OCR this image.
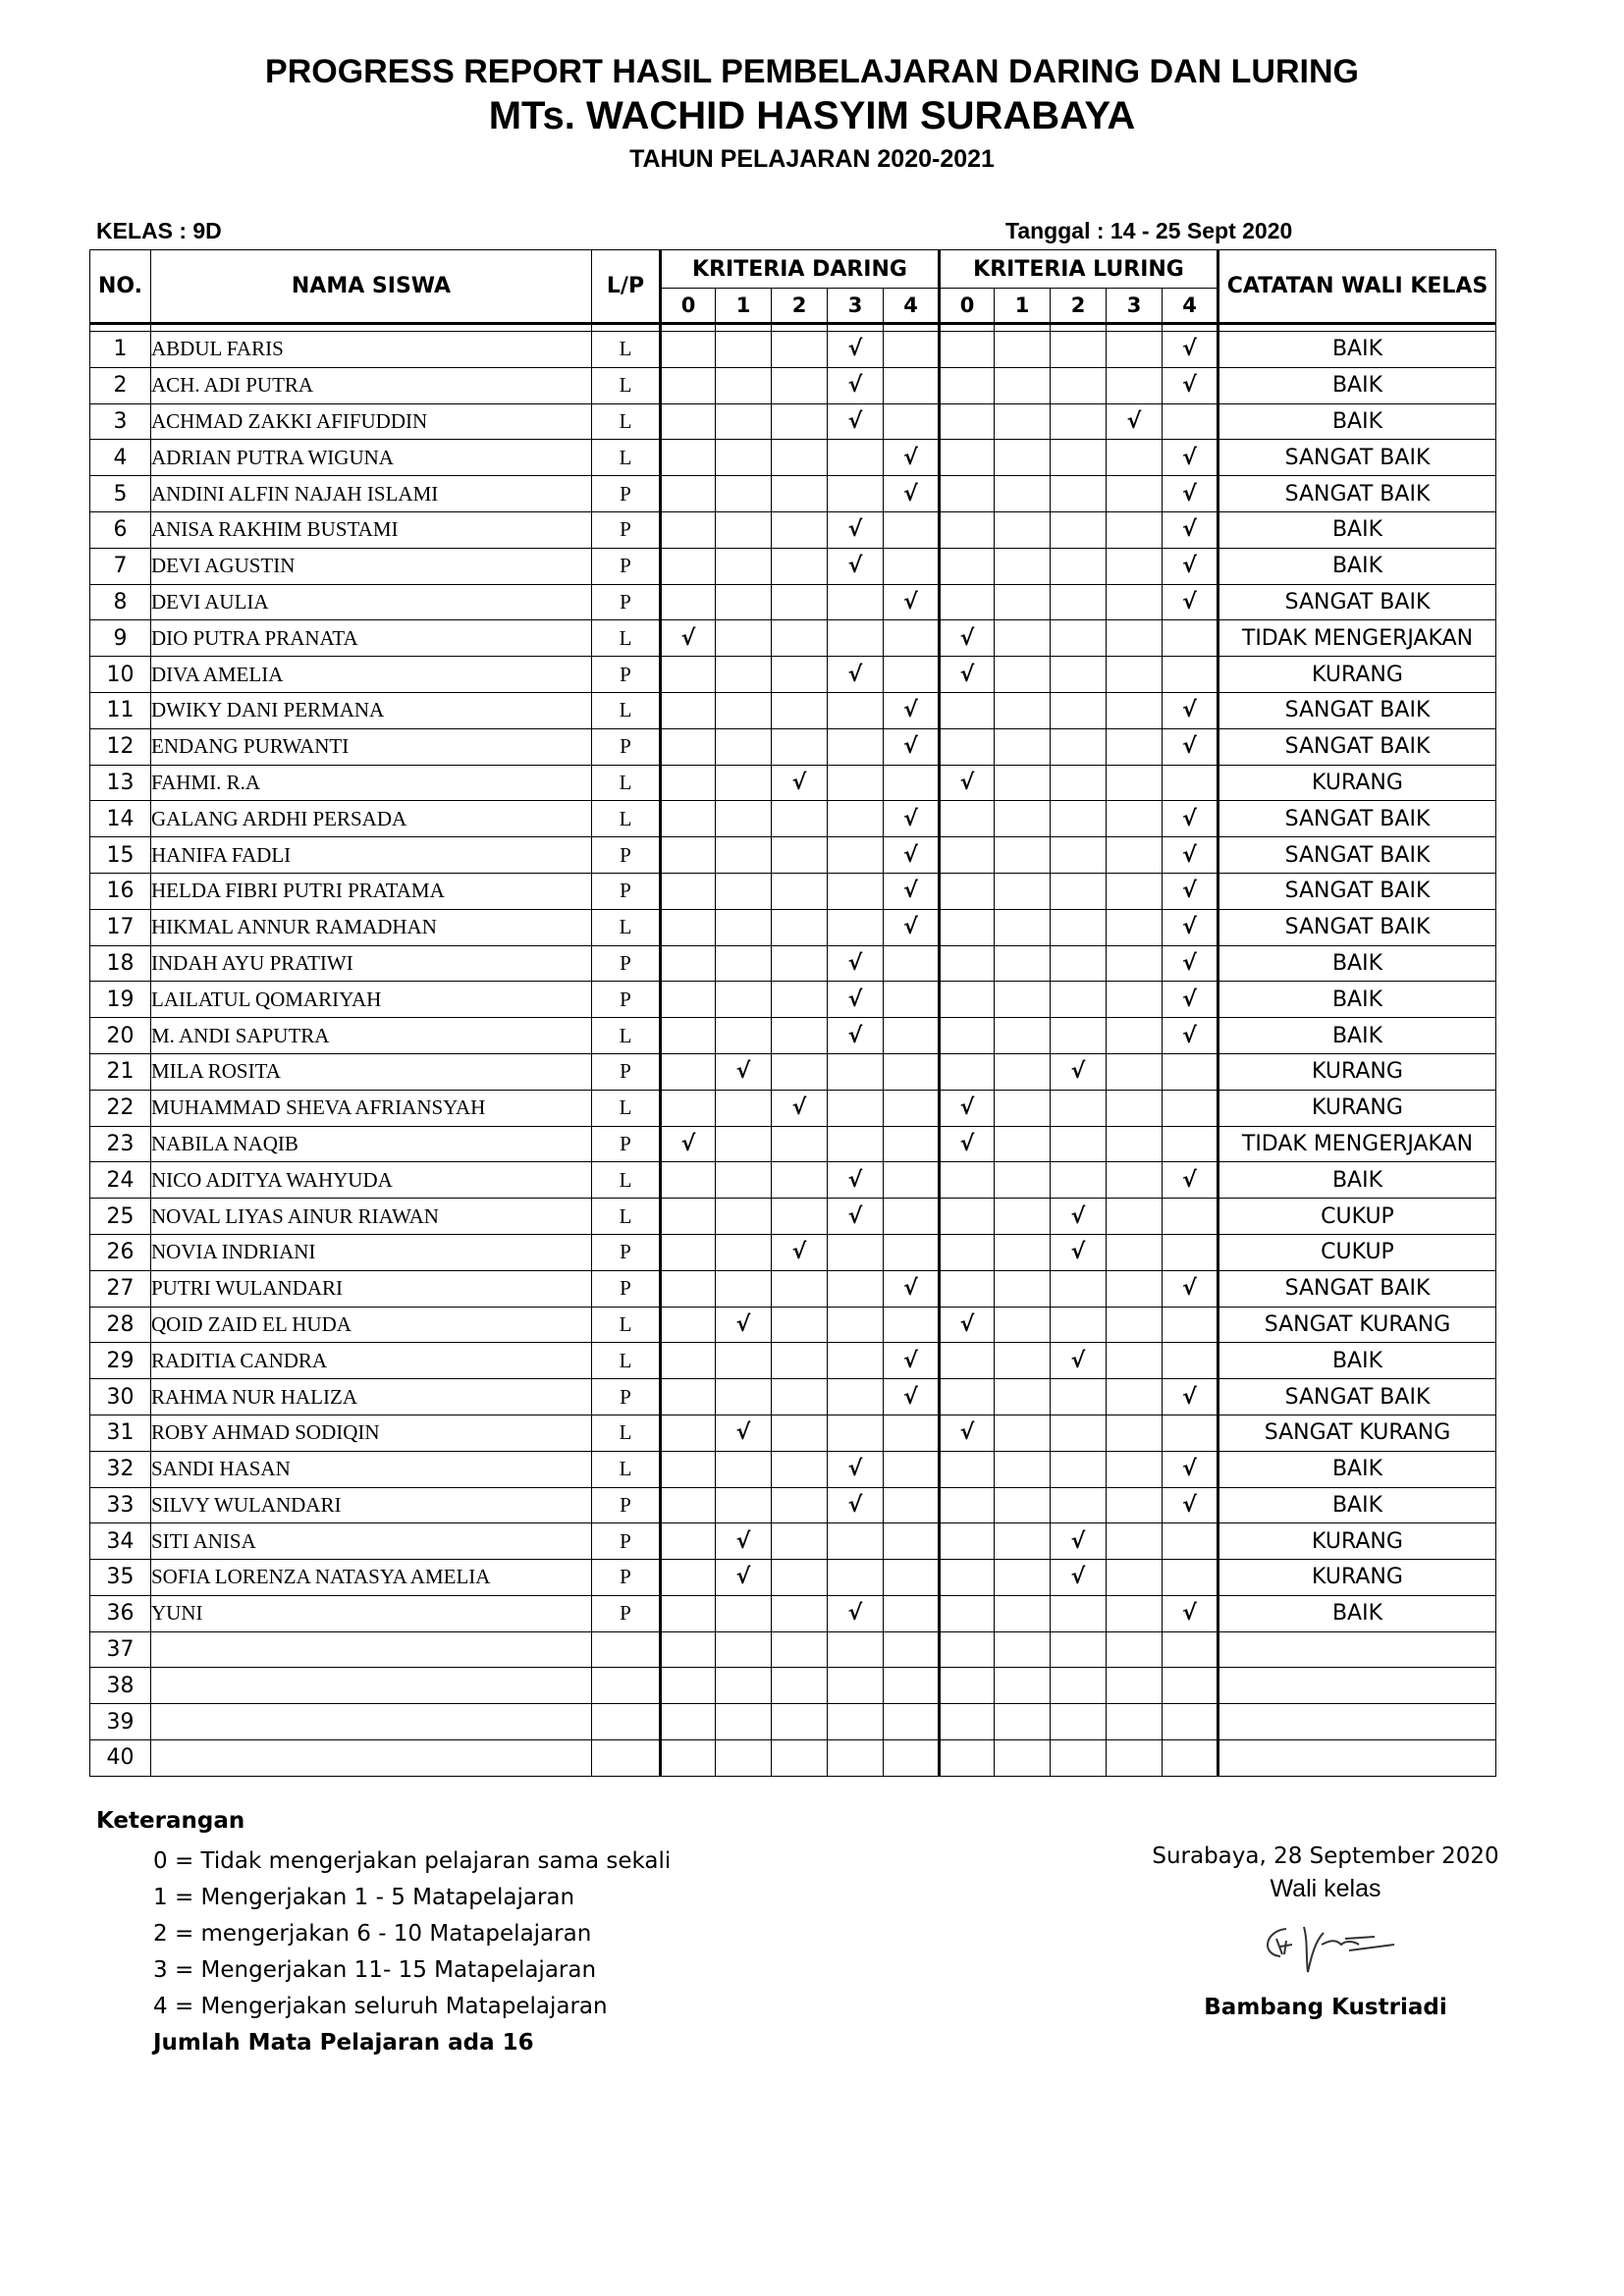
PROGRESS REPORT HASIL PEMBELAJARAN DARING DAN LURING
MTs. WACHID HASYIM SURABAYA
TAHUN PELAJARAN 2020-2021
KELAS : 9D	Tanggal : 14 - 25 Sept 2020
NO.	NAMA SISWA	L/P	KRITERIA DARING					KRITERIA LURING					CATATAN WALI KELAS
			0	1	2	3	4	0	1	2	3	4	

1	ABDUL FARIS	L				√						√	BAIK
2	ACH. ADI PUTRA	L				√						√	BAIK
3	ACHMAD ZAKKI AFIFUDDIN	L				√					√		BAIK
4	ADRIAN PUTRA WIGUNA	L					√					√	SANGAT BAIK
5	ANDINI ALFIN NAJAH ISLAMI	P					√					√	SANGAT BAIK
6	ANISA RAKHIM BUSTAMI	P				√						√	BAIK
7	DEVI AGUSTIN	P				√						√	BAIK
8	DEVI AULIA	P					√					√	SANGAT BAIK
9	DIO PUTRA PRANATA	L	√					√					TIDAK MENGERJAKAN
10	DIVA AMELIA	P				√		√					KURANG
11	DWIKY DANI PERMANA	L					√					√	SANGAT BAIK
12	ENDANG PURWANTI	P					√					√	SANGAT BAIK
13	FAHMI. R.A	L			√			√					KURANG
14	GALANG ARDHI PERSADA	L					√					√	SANGAT BAIK
15	HANIFA FADLI	P					√					√	SANGAT BAIK
16	HELDA FIBRI PUTRI PRATAMA	P					√					√	SANGAT BAIK
17	HIKMAL ANNUR RAMADHAN	L					√					√	SANGAT BAIK
18	INDAH AYU PRATIWI	P				√						√	BAIK
19	LAILATUL QOMARIYAH	P				√						√	BAIK
20	M. ANDI SAPUTRA	L				√						√	BAIK
21	MILA ROSITA	P		√						√			KURANG
22	MUHAMMAD SHEVA AFRIANSYAH	L			√			√					KURANG
23	NABILA NAQIB	P	√					√					TIDAK MENGERJAKAN
24	NICO ADITYA WAHYUDA	L				√						√	BAIK
25	NOVAL LIYAS AINUR RIAWAN	L				√				√			CUKUP
26	NOVIA INDRIANI	P			√					√			CUKUP
27	PUTRI WULANDARI	P					√					√	SANGAT BAIK
28	QOID ZAID EL HUDA	L		√				√					SANGAT KURANG
29	RADITIA CANDRA	L					√			√			BAIK
30	RAHMA NUR HALIZA	P					√					√	SANGAT BAIK
31	ROBY AHMAD SODIQIN	L		√				√					SANGAT KURANG
32	SANDI HASAN	L				√						√	BAIK
33	SILVY WULANDARI	P				√						√	BAIK
34	SITI ANISA	P		√						√			KURANG
35	SOFIA LORENZA NATASYA AMELIA	P		√						√			KURANG
36	YUNI	P				√						√	BAIK
37													
38													
39													
40													
Keterangan
0 = Tidak mengerjakan pelajaran sama sekali
1 = Mengerjakan 1 - 5 Matapelajaran
2 = mengerjakan 6 - 10 Matapelajaran
3 = Mengerjakan 11- 15 Matapelajaran
4 = Mengerjakan seluruh Matapelajaran
Jumlah Mata Pelajaran ada 16
Surabaya, 28 September 2020
Wali kelas
Bambang Kustriadi
